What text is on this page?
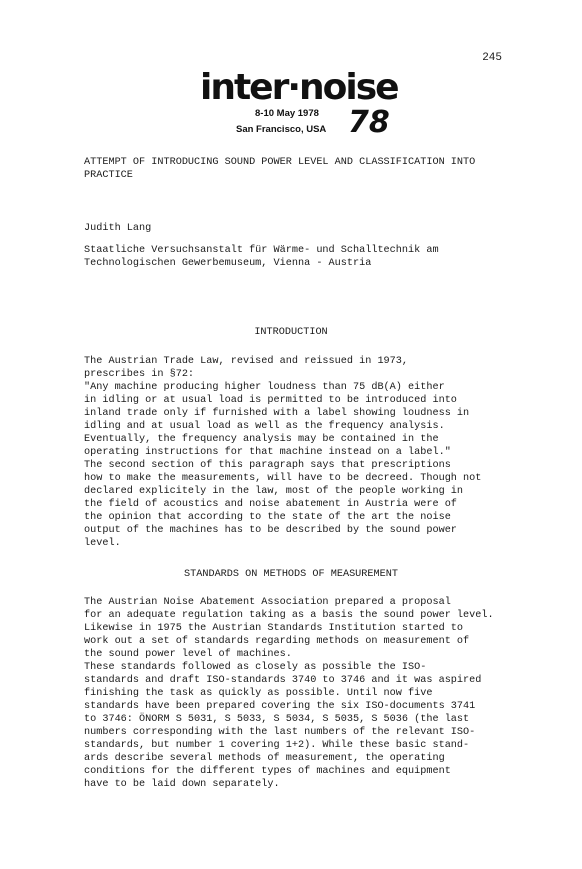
245
inter·noise
8-10 May 1978
San Francisco, USA 78
ATTEMPT OF INTRODUCING SOUND POWER LEVEL AND CLASSIFICATION INTO
PRACTICE
Judith Lang
Staatliche Versuchsanstalt für Wärme- und Schalltechnik am
Technologischen Gewerbemuseum, Vienna - Austria
INTRODUCTION
The Austrian Trade Law, revised and reissued in 1973,
prescribes in §72:
"Any machine producing higher loudness than 75 dB(A) either
in idling or at usual load is permitted to be introduced into
inland trade only if furnished with a label showing loudness in
idling and at usual load as well as the frequency analysis.
Eventually, the frequency analysis may be contained in the
operating instructions for that machine instead on a label."
The second section of this paragraph says that prescriptions
how to make the measurements, will have to be decreed. Though not
declared explicitely in the law, most of the people working in
the field of acoustics and noise abatement in Austria were of
the opinion that according to the state of the art the noise
output of the machines has to be described by the sound power
level.
STANDARDS ON METHODS OF MEASUREMENT
The Austrian Noise Abatement Association prepared a proposal
for an adequate regulation taking as a basis the sound power level.
Likewise in 1975 the Austrian Standards Institution started to
work out a set of standards regarding methods on measurement of
the sound power level of machines.
These standards followed as closely as possible the ISO-
standards and draft ISO-standards 3740 to 3746 and it was aspired
finishing the task as quickly as possible. Until now five
standards have been prepared covering the six ISO-documents 3741
to 3746: ÖNORM S 5031, S 5033, S 5034, S 5035, S 5036 (the last
numbers corresponding with the last numbers of the relevant ISO-
standards, but number 1 covering 1+2). While these basic stand-
ards describe several methods of measurement, the operating
conditions for the different types of machines and equipment
have to be laid down separately.
